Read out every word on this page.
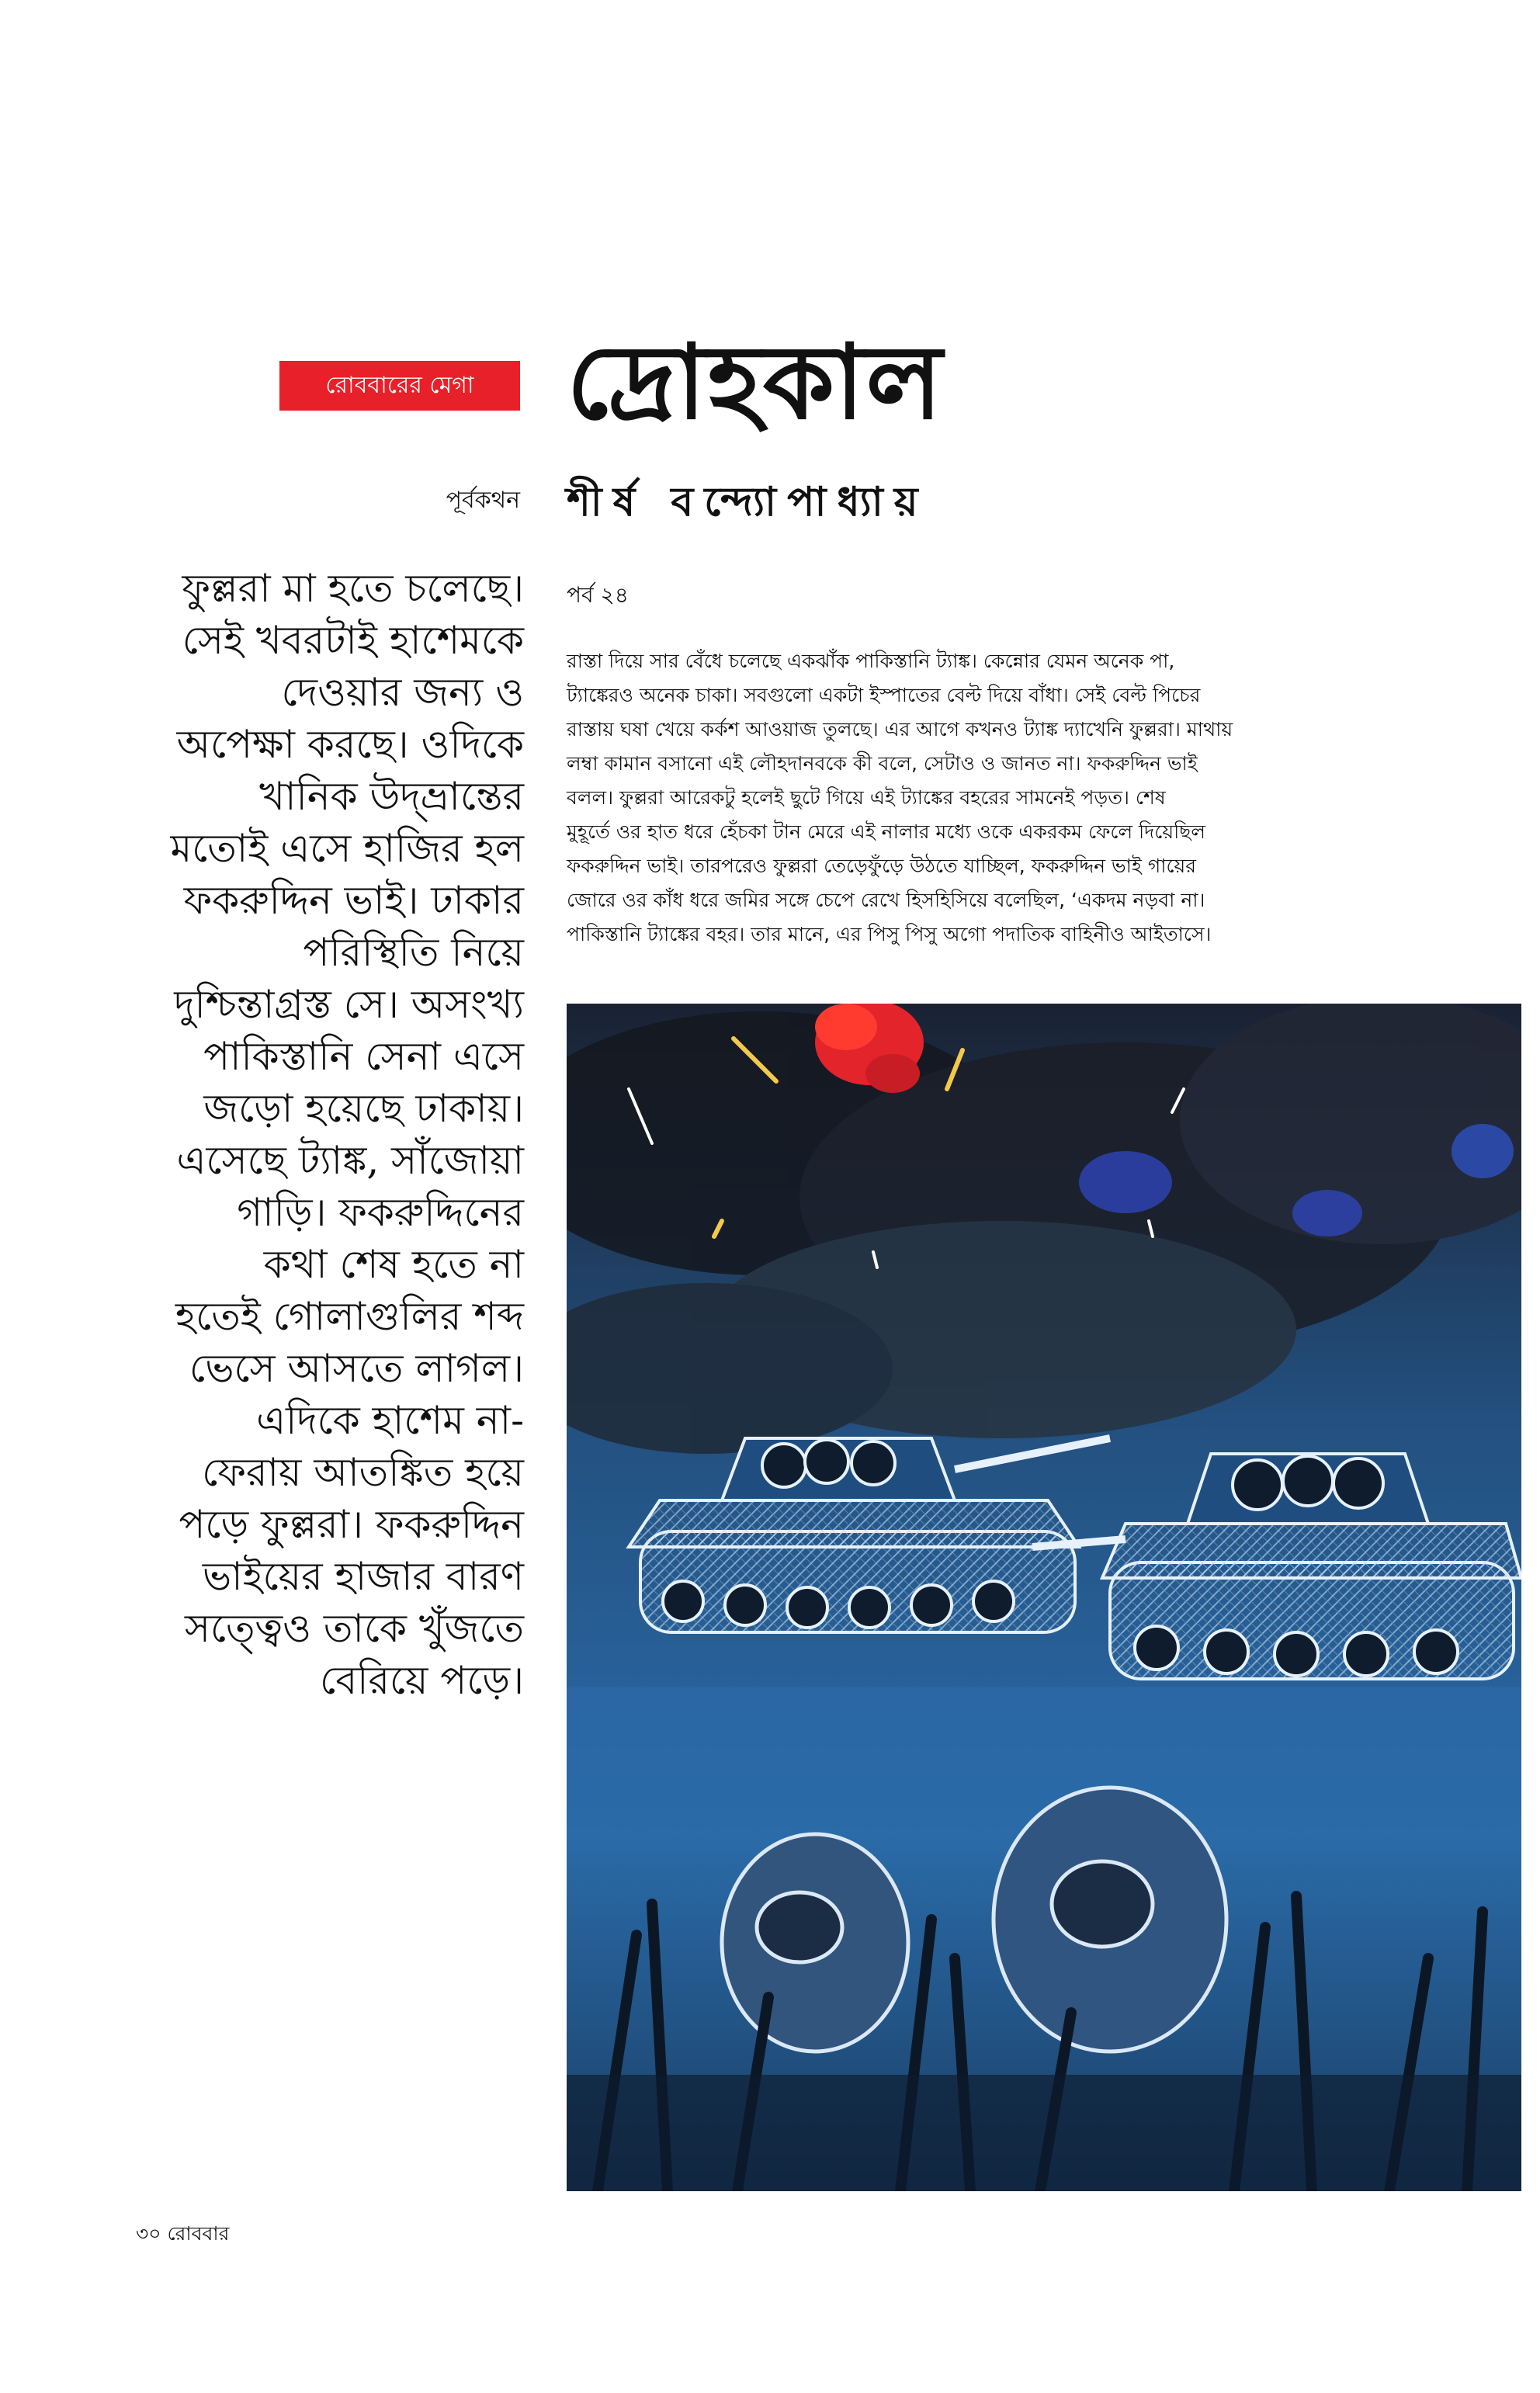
রোববারের মেগা দ্রোহকাল
পূর্বকথন শীর্ষ বন্দ্যোপাধ্যায়
পর্ব ২৪
ফুল্লরা মা হতে চলেছে।
সেই খবরটাই হাশেমকে
দেওয়ার জন্য ও
অপেক্ষা করছে। ওদিকে
খানিক উদ্‌ভ্রান্তের
মতোই এসে হাজির হল
ফকরুদ্দিন ভাই। ঢাকার
পরিস্থিতি নিয়ে
দুশ্চিন্তাগ্রস্ত সে। অসংখ্য
পাকিস্তানি সেনা এসে
জড়ো হয়েছে ঢাকায়।
এসেছে ট্যাঙ্ক, সাঁজোয়া
গাড়ি। ফকরুদ্দিনের
কথা শেষ হতে না
হতেই গোলাগুলির শব্দ
ভেসে আসতে লাগল।
এদিকে হাশেম না-
ফেরায় আতঙ্কিত হয়ে
পড়ে ফুল্লরা। ফকরুদ্দিন
ভাইয়ের হাজার বারণ
সত্ত্বেও তাকে খুঁজতে
বেরিয়ে পড়ে।
রাস্তা দিয়ে সার বেঁধে চলেছে একঝাঁক পাকিস্তানি ট্যাঙ্ক। কেন্নোর যেমন অনেক পা,
ট্যাঙ্কেরও অনেক চাকা। সবগুলো একটা ইস্পাতের বেল্ট দিয়ে বাঁধা। সেই বেল্ট পিচের
রাস্তায় ঘষা খেয়ে কর্কশ আওয়াজ তুলছে। এর আগে কখনও ট্যাঙ্ক দ্যাখেনি ফুল্লরা। মাথায়
লম্বা কামান বসানো এই লৌহদানবকে কী বলে, সেটাও ও জানত না। ফকরুদ্দিন ভাই
বলল। ফুল্লরা আরেকটু হলেই ছুটে গিয়ে এই ট্যাঙ্কের বহরের সামনেই পড়ত। শেষ
মুহূর্তে ওর হাত ধরে হেঁচকা টান মেরে এই নালার মধ্যে ওকে একরকম ফেলে দিয়েছিল
ফকরুদ্দিন ভাই। তারপরেও ফুল্লরা তেড়েফুঁড়ে উঠতে যাচ্ছিল, ফকরুদ্দিন ভাই গায়ের
জোরে ওর কাঁধ ধরে জমির সঙ্গে চেপে রেখে হিসহিসিয়ে বলেছিল, ‘একদম নড়বা না।
পাকিস্তানি ট্যাঙ্কের বহর। তার মানে, এর পিসু পিসু অগো পদাতিক বাহিনীও আইতাসে।
৩০ রোববার
